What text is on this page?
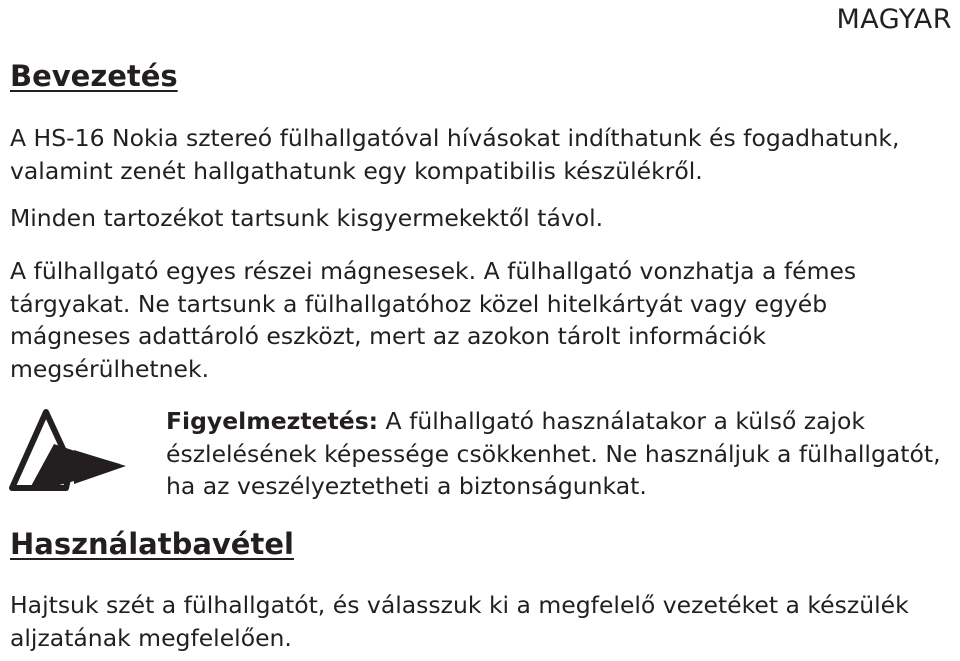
MAGYAR
Bevezetés

A HS-16 Nokia sztereó fülhallgatóval hívásokat indíthatunk és fogadhatunk, valamint zenét hallgathatunk egy kompatibilis készülékről.

Minden tartozékot tartsunk kisgyermekektől távol.

A fülhallgató egyes részei mágnesesek. A fülhallgató vonzhatja a fémes tárgyakat. Ne tartsunk a fülhallgatóhoz közel hitelkártyát vagy egyéb mágneses adattároló eszközt, mert az azokon tárolt információk megsérülhetnek.

Figyelmeztetés: A fülhallgató használatakor a külső zajok észlelésének képessége csökkenhet. Ne használjuk a fülhallgatót, ha az veszélyeztetheti a biztonságunkat.

Használatbavétel

Hajtsuk szét a fülhallgatót, és válasszuk ki a megfelelő vezetéket a készülék aljzatának megfelelően.
